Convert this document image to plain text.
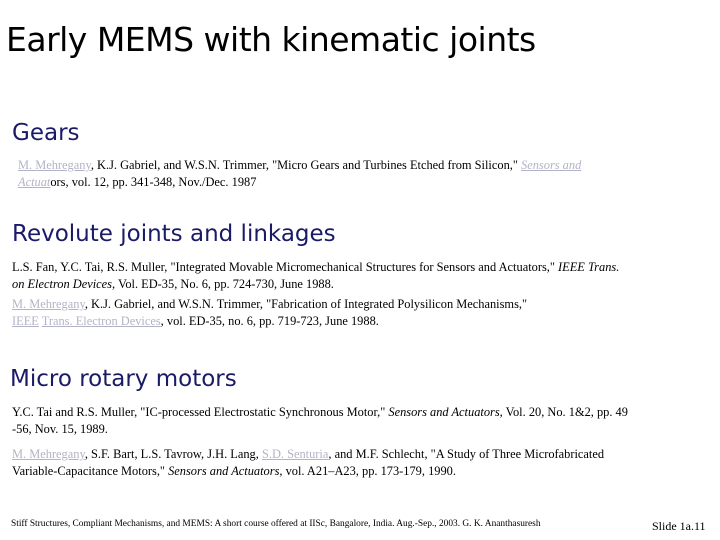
Early MEMS with kinematic joints
Gears
M. Mehregany, K.J. Gabriel, and W.S.N. Trimmer, "Micro Gears and Turbines Etched from Silicon," Sensors and
Actuators, vol. 12, pp. 341-348, Nov./Dec. 1987
Revolute joints and linkages
L.S. Fan, Y.C. Tai, R.S. Muller, "Integrated Movable Micromechanical Structures for Sensors and Actuators," IEEE Trans.
on Electron Devices, Vol. ED-35, No. 6, pp. 724-730, June 1988.
M. Mehregany, K.J. Gabriel, and W.S.N. Trimmer, "Fabrication of Integrated Polysilicon Mechanisms,"
IEEE Trans. Electron Devices, vol. ED-35, no. 6, pp. 719-723, June 1988.
Micro rotary motors
Y.C. Tai and R.S. Muller, "IC-processed Electrostatic Synchronous Motor," Sensors and Actuators, Vol. 20, No. 1&2, pp. 49
-56, Nov. 15, 1989.
M. Mehregany, S.F. Bart, L.S. Tavrow, J.H. Lang, S.D. Senturia, and M.F. Schlecht, "A Study of Three Microfabricated
Variable-Capacitance Motors," Sensors and Actuators, vol. A21–A23, pp. 173-179, 1990.
Stiff Structures, Compliant Mechanisms, and MEMS: A short course offered at IISc, Bangalore, India. Aug.-Sep., 2003. G. K. Ananthasuresh	Slide 1a.11
